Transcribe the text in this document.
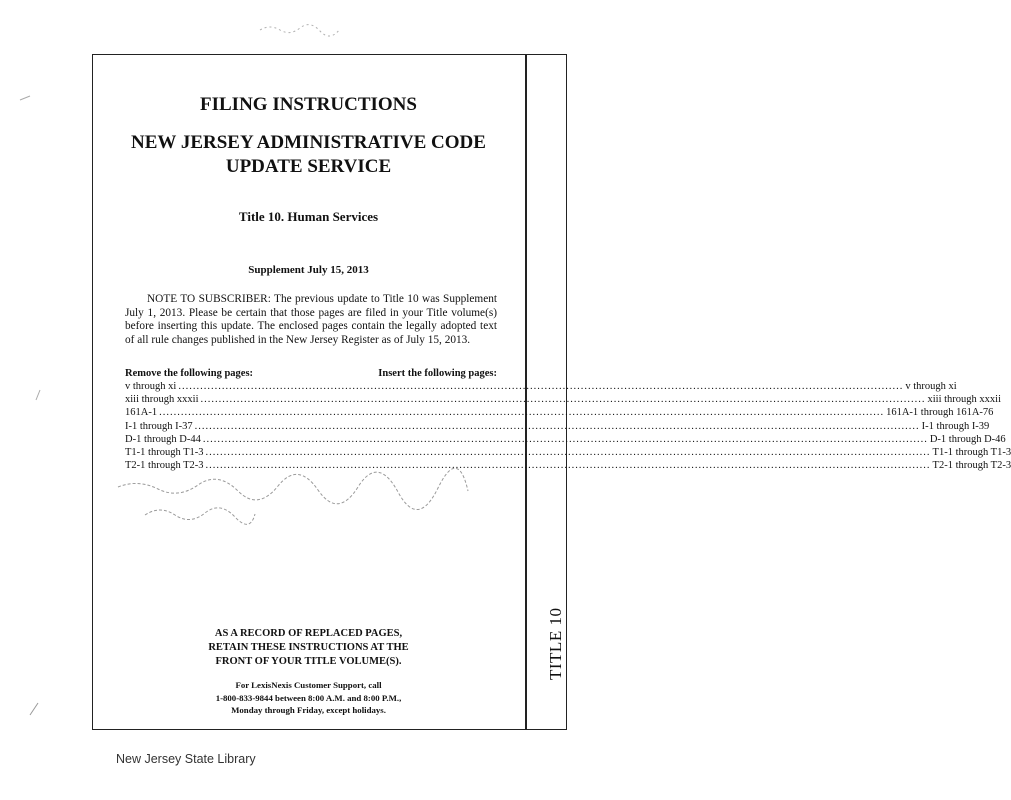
TITLE 10
FILING INSTRUCTIONS
NEW JERSEY ADMINISTRATIVE CODE
UPDATE SERVICE
Title 10. Human Services
Supplement July 15, 2013
NOTE TO SUBSCRIBER: The previous update to Title 10 was Supplement July 1, 2013. Please be certain that those pages are filed in your Title volume(s) before inserting this update. The enclosed pages contain the legally adopted text of all rule changes published in the New Jersey Register as of July 15, 2013.
Remove the following pages:	Insert the following pages:
v through xi ........................................................................................................................................................................................................ v through xi
xiii through xxxii ........................................................................................................................................................................................................ xiii through xxxii
161A-1 ........................................................................................................................................................................................................ 161A-1 through 161A-76
I-1 through I-37 ........................................................................................................................................................................................................ I-1 through I-39
D-1 through D-44 ........................................................................................................................................................................................................ D-1 through D-46
T1-1 through T1-3 ........................................................................................................................................................................................................ T1-1 through T1-3
T2-1 through T2-3 ........................................................................................................................................................................................................ T2-1 through T2-3
AS A RECORD OF REPLACED PAGES,
RETAIN THESE INSTRUCTIONS AT THE
FRONT OF YOUR TITLE VOLUME(S).
For LexisNexis Customer Support, call
1-800-833-9844 between 8:00 A.M. and 8:00 P.M.,
Monday through Friday, except holidays.
New Jersey State Library
